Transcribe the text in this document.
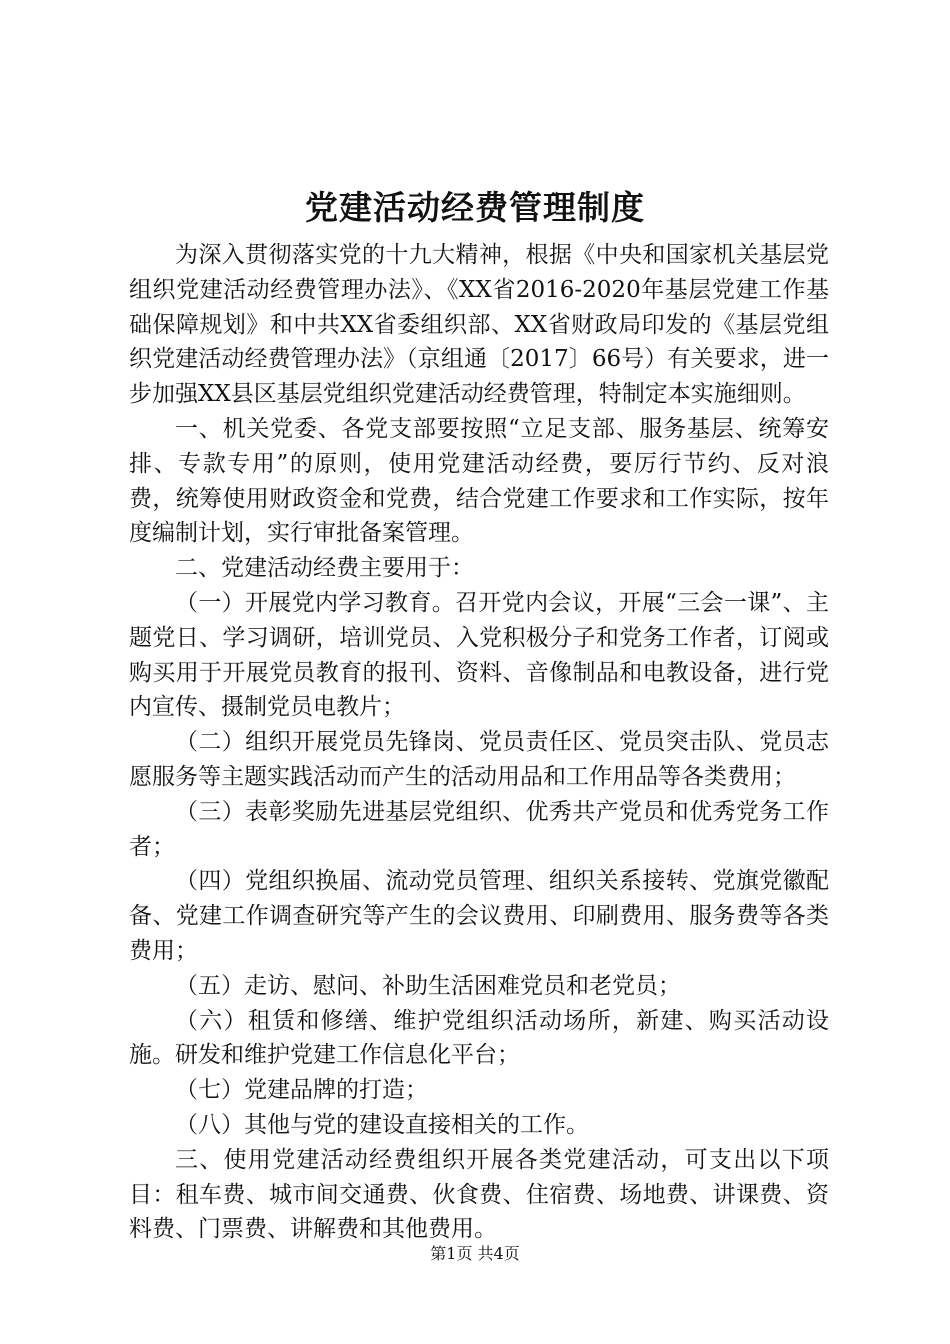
党建活动经费管理制度

为深入贯彻落实党的十九大精神，根据《中央和国家机关基层党组织党建活动经费管理办法》、《XX省2016-2020年基层党建工作基础保障规划》和中共XX省委组织部、XX省财政局印发的《基层党组织党建活动经费管理办法》（京组通〔2017〕66号）有关要求，进一步加强XX县区基层党组织党建活动经费管理，特制定本实施细则。

一、机关党委、各党支部要按照“立足支部、服务基层、统筹安排、专款专用”的原则，使用党建活动经费，要厉行节约、反对浪费，统筹使用财政资金和党费，结合党建工作要求和工作实际，按年度编制计划，实行审批备案管理。

二、党建活动经费主要用于：

（一）开展党内学习教育。召开党内会议，开展“三会一课”、主题党日、学习调研，培训党员、入党积极分子和党务工作者，订阅或购买用于开展党员教育的报刊、资料、音像制品和电教设备，进行党内宣传、摄制党员电教片；

（二）组织开展党员先锋岗、党员责任区、党员突击队、党员志愿服务等主题实践活动而产生的活动用品和工作用品等各类费用；

（三）表彰奖励先进基层党组织、优秀共产党员和优秀党务工作者；

（四）党组织换届、流动党员管理、组织关系接转、党旗党徽配备、党建工作调查研究等产生的会议费用、印刷费用、服务费等各类费用；

（五）走访、慰问、补助生活困难党员和老党员；

（六）租赁和修缮、维护党组织活动场所，新建、购买活动设施。研发和维护党建工作信息化平台；

（七）党建品牌的打造；

（八）其他与党的建设直接相关的工作。

三、使用党建活动经费组织开展各类党建活动，可支出以下项目：租车费、城市间交通费、伙食费、住宿费、场地费、讲课费、资料费、门票费、讲解费和其他费用。

第1页 共4页
